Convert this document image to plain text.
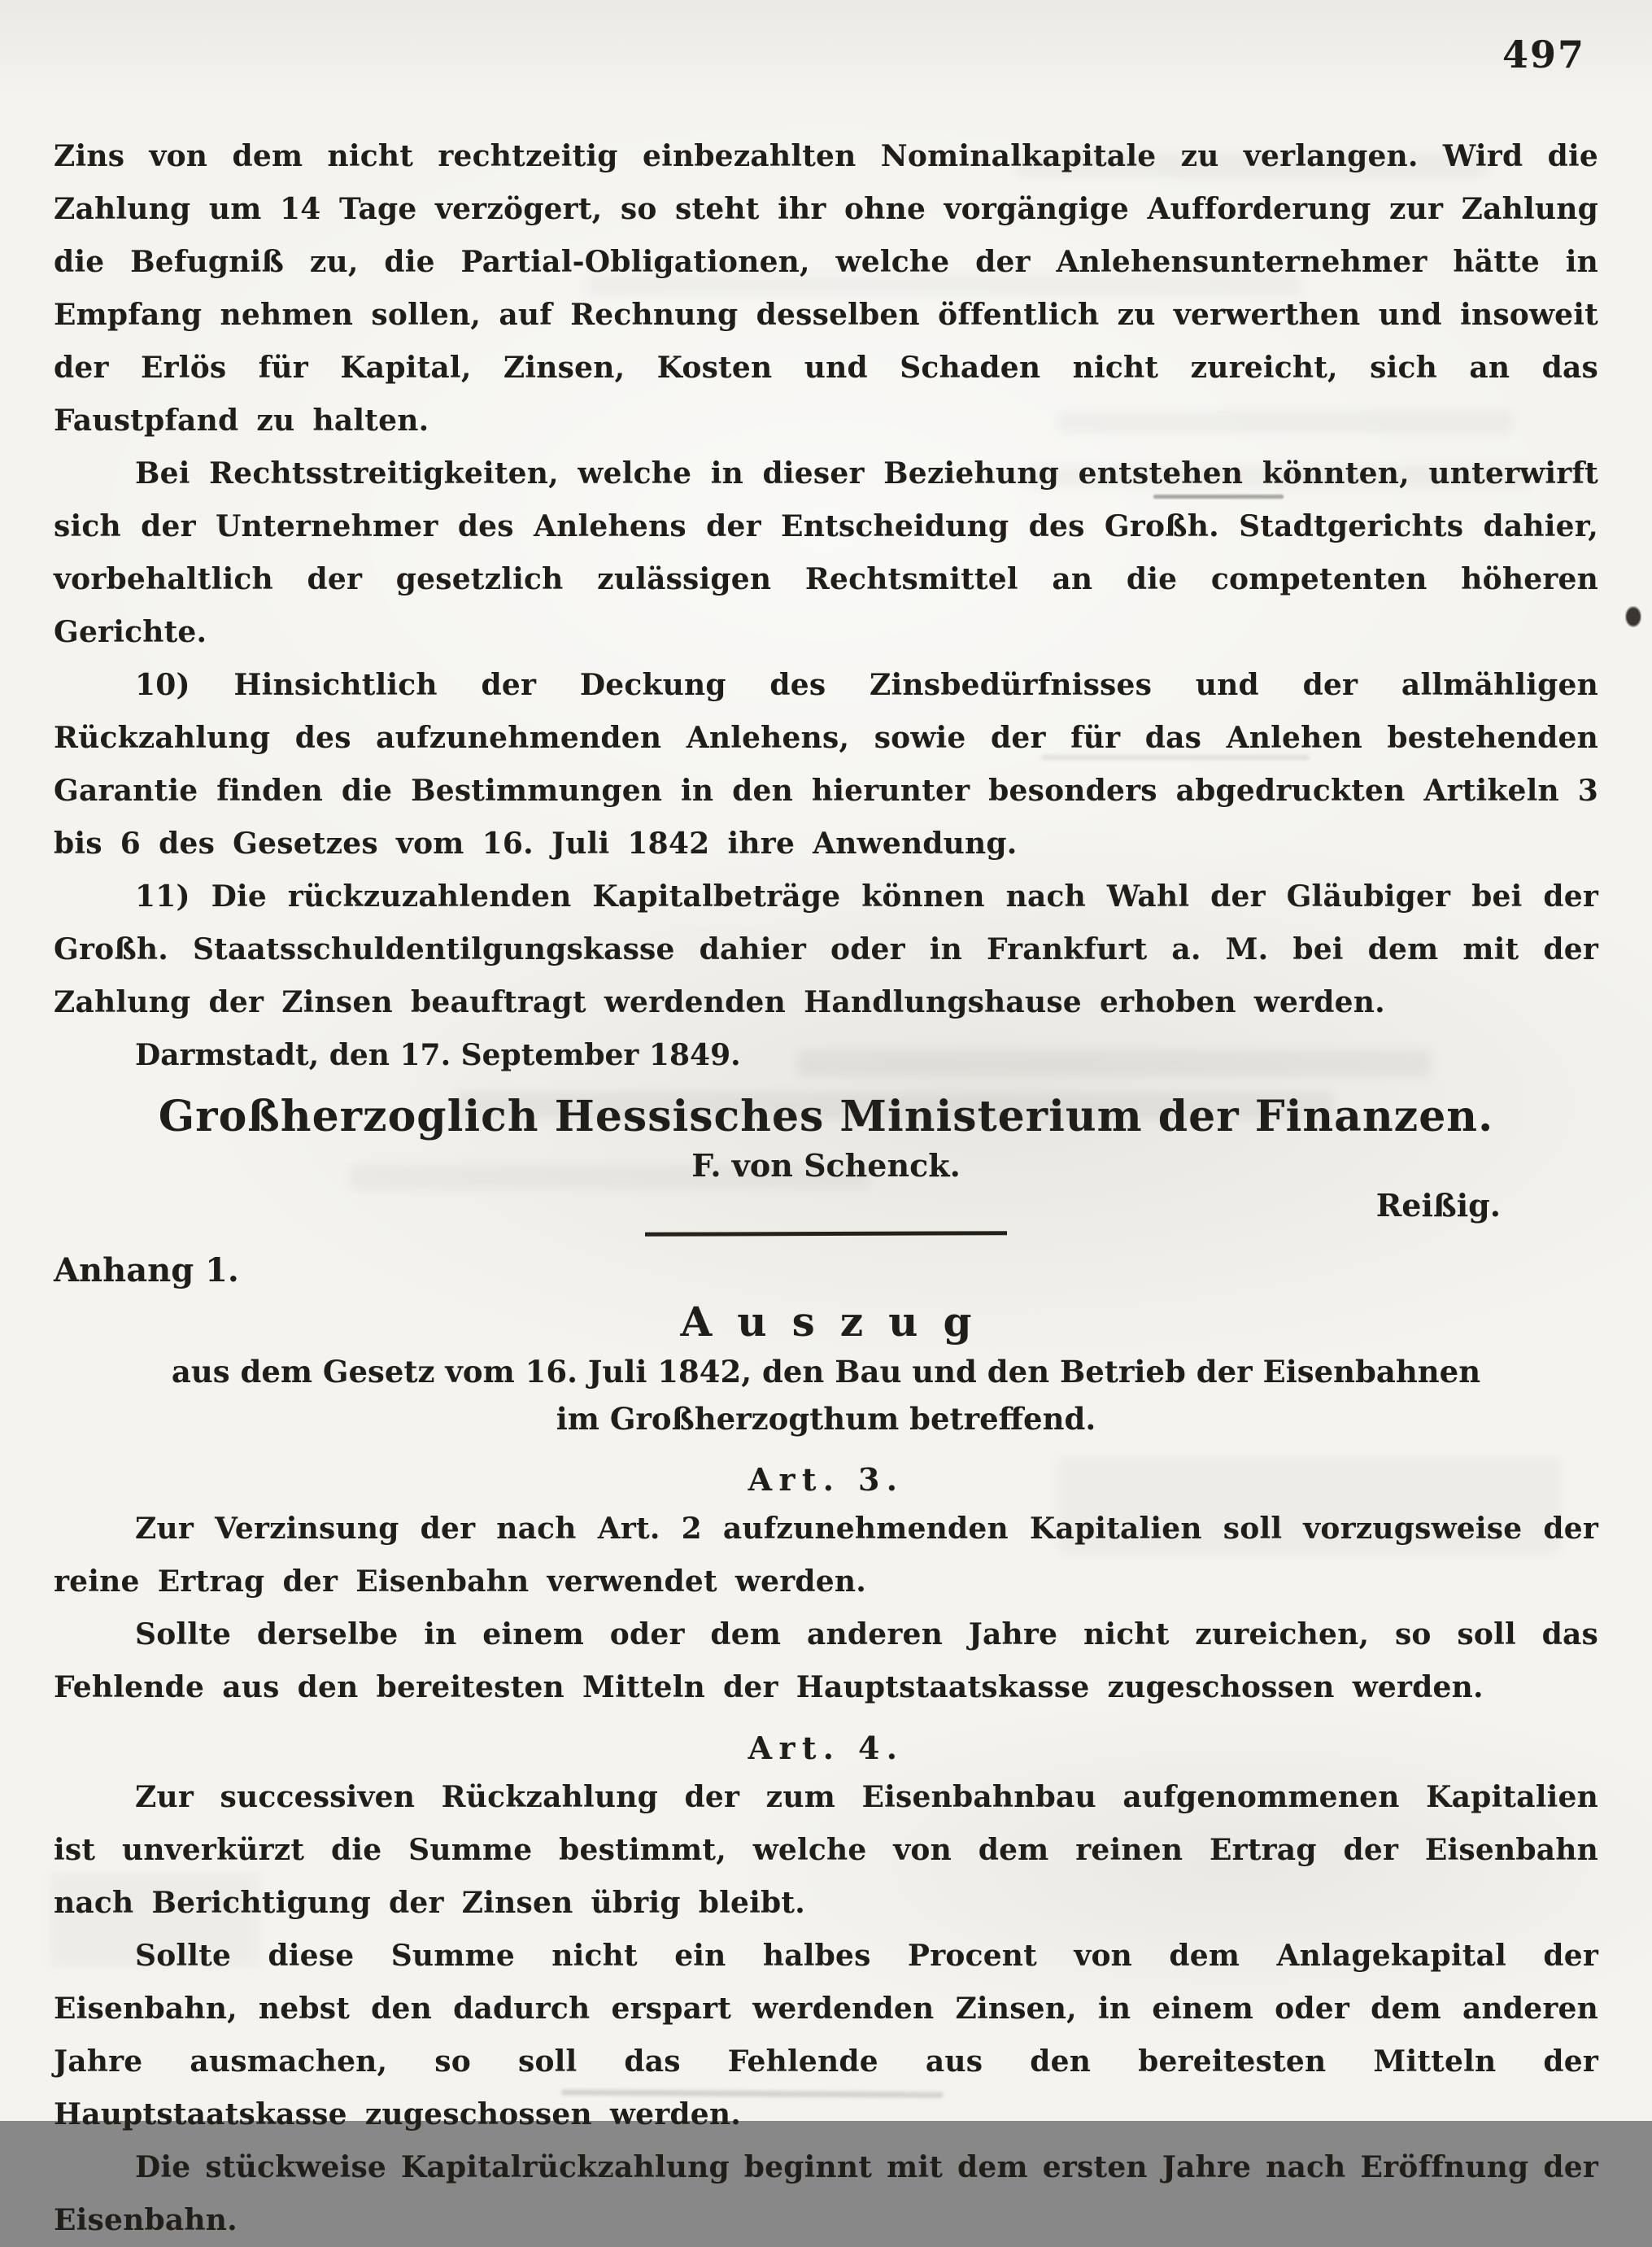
497

Zins von dem nicht rechtzeitig einbezahlten Nominalkapitale zu verlangen. Wird die Zahlung um 14 Tage verzögert, so steht ihr ohne vorgängige Aufforderung zur Zahlung die Befugniß zu, die Partial-Obligationen, welche der Anlehensunternehmer hätte in Empfang nehmen sollen, auf Rechnung desselben öffentlich zu verwerthen und insoweit der Erlös für Kapital, Zinsen, Kosten und Schaden nicht zureicht, sich an das Faustpfand zu halten.

Bei Rechtsstreitigkeiten, welche in dieser Beziehung entstehen könnten, unterwirft sich der Unternehmer des Anlehens der Entscheidung des Großh. Stadtgerichts dahier, vorbehaltlich der gesetzlich zulässigen Rechtsmittel an die competenten höheren Gerichte.

10) Hinsichtlich der Deckung des Zinsbedürfnisses und der allmähligen Rückzahlung des aufzunehmenden Anlehens, sowie der für das Anlehen bestehenden Garantie finden die Bestimmungen in den hierunter besonders abgedruckten Artikeln 3 bis 6 des Gesetzes vom 16. Juli 1842 ihre Anwendung.

11) Die rückzuzahlenden Kapitalbeträge können nach Wahl der Gläubiger bei der Großh. Staatsschuldentilgungskasse dahier oder in Frankfurt a. M. bei dem mit der Zahlung der Zinsen beauftragt werdenden Handlungshause erhoben werden.

Darmstadt, den 17. September 1849.

Großherzoglich Hessisches Ministerium der Finanzen.

F. von Schenck.

Reißig.

Anhang 1.

Auszug

aus dem Gesetz vom 16. Juli 1842, den Bau und den Betrieb der Eisenbahnen

im Großherzogthum betreffend.

Art. 3.

Zur Verzinsung der nach Art. 2 aufzunehmenden Kapitalien soll vorzugsweise der reine Ertrag der Eisenbahn verwendet werden.

Sollte derselbe in einem oder dem anderen Jahre nicht zureichen, so soll das Fehlende aus den bereitesten Mitteln der Hauptstaatskasse zugeschossen werden.

Art. 4.

Zur successiven Rückzahlung der zum Eisenbahnbau aufgenommenen Kapitalien ist unverkürzt die Summe bestimmt, welche von dem reinen Ertrag der Eisenbahn nach Berichtigung der Zinsen übrig bleibt.

Sollte diese Summe nicht ein halbes Procent von dem Anlagekapital der Eisenbahn, nebst den dadurch erspart werdenden Zinsen, in einem oder dem anderen Jahre ausmachen, so soll das Fehlende aus den bereitesten Mitteln der Hauptstaatskasse zugeschossen werden.

Die stückweise Kapitalrückzahlung beginnt mit dem ersten Jahre nach Eröffnung der Eisenbahn.
